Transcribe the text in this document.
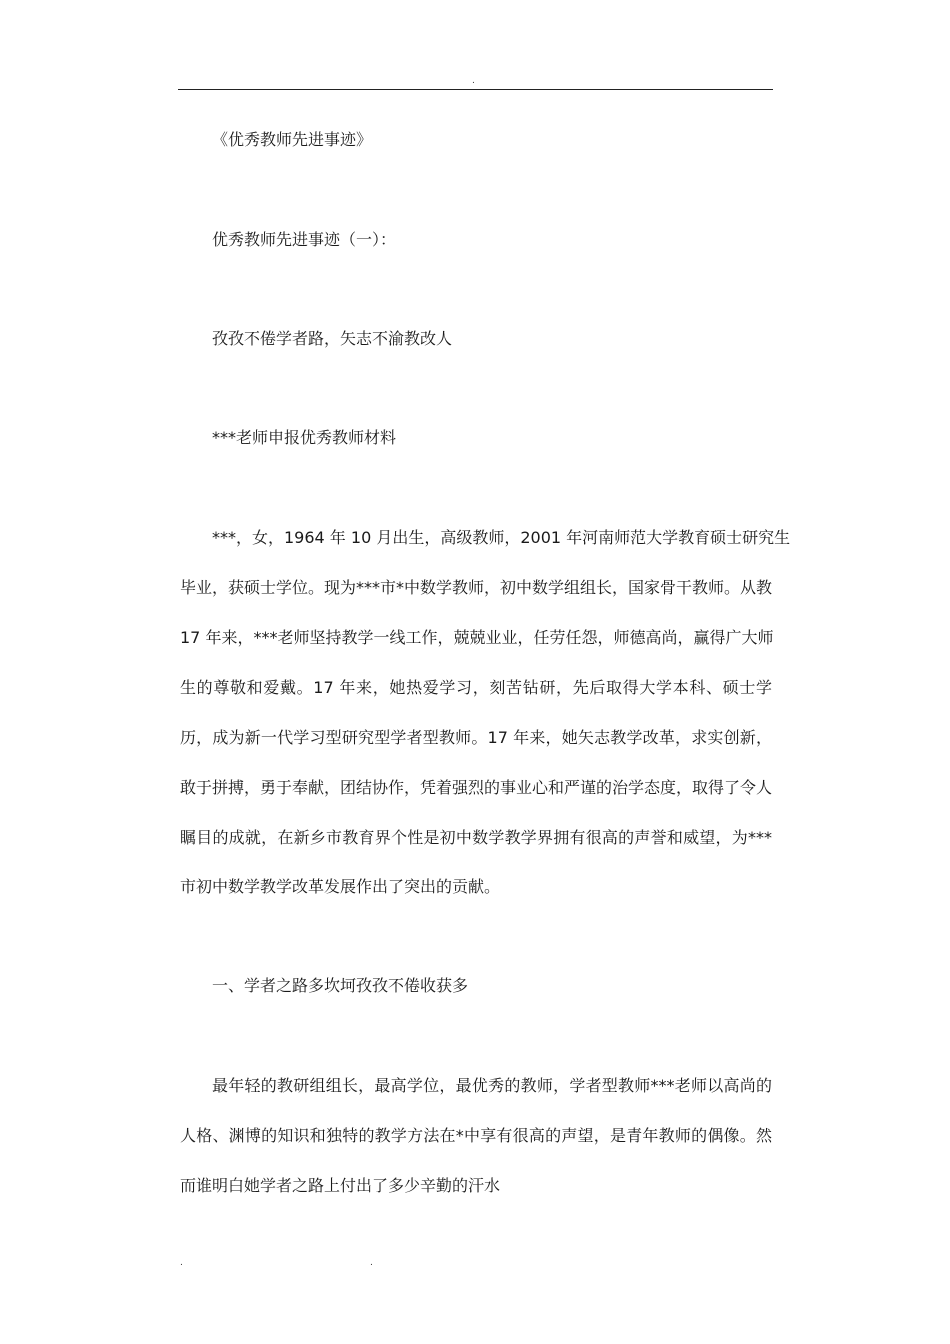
.
《优秀教师先进事迹》
优秀教师先进事迹（一）：
孜孜不倦学者路，矢志不渝教改人
***老师申报优秀教师材料
***，女，1964 年 10 月出生，高级教师，2001 年河南师范大学教育硕士研究生
毕业，获硕士学位。现为***市*中数学教师，初中数学组组长，国家骨干教师。从教
17 年来，***老师坚持教学一线工作，兢兢业业，任劳任怨，师德高尚，赢得广大师
生的尊敬和爱戴。17 年来，她热爱学习，刻苦钻研，先后取得大学本科、硕士学
历，成为新一代学习型研究型学者型教师。17 年来，她矢志教学改革，求实创新，
敢于拼搏，勇于奉献，团结协作，凭着强烈的事业心和严谨的治学态度，取得了令人
瞩目的成就，在新乡市教育界个性是初中数学教学界拥有很高的声誉和威望，为***
市初中数学教学改革发展作出了突出的贡献。
一、学者之路多坎坷孜孜不倦收获多
最年轻的教研组组长，最高学位，最优秀的教师，学者型教师***老师以高尚的
人格、渊博的知识和独特的教学方法在*中享有很高的声望，是青年教师的偶像。然
而谁明白她学者之路上付出了多少辛勤的汗水
.	.
